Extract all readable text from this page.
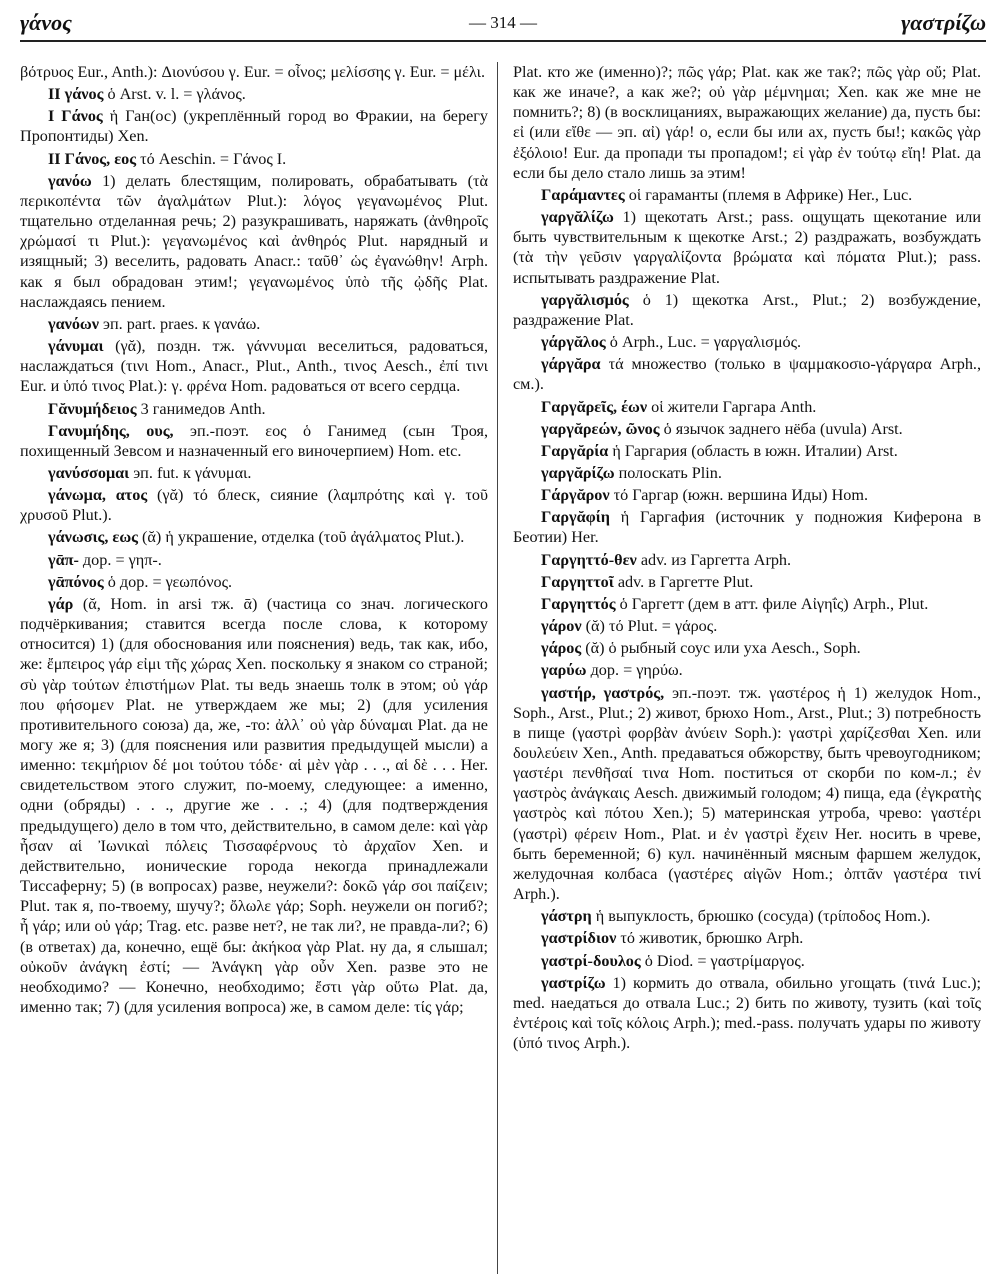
γάνος	— 314 —	γαστρίζω

βότρυος Eur., Anth.): Διονύσου γ. Eur. = οἶνος; μελίσσης γ. Eur. = μέλι.

II γάνος ὁ Arst. v. l. = γλάνος.

I Γάνος ἡ Ган(ос) (укреплённый город во Фракии, на берегу Пропонтиды) Xen.

II Γάνος, εος τό Aeschin. = Γάνος I.

γανόω 1) делать блестящим, полировать, обрабатывать (τὰ περικοπέντα τῶν ἀγαλμάτων Plut.): λόγος γεγανωμένος Plut. тщательно отделанная речь; 2) разукрашивать, наряжать (ἀνθηροῖς χρώμασί τι Plut.): γεγανωμένος καὶ ἀνθηρός Plut. нарядный и изящный; 3) веселить, радовать Anacr.: ταῦθ᾽ ὡς ἐγανώθην! Arph. как я был обрадован этим!; γεγανωμένος ὑπὸ τῆς ᾠδῆς Plat. наслаждаясь пением.

γανόων эп. part. praes. к γανάω.

γάνυμαι (γᾰ), поздн. тж. γάννυμαι веселиться, радоваться, наслаждаться (τινι Hom., Anacr., Plut., Anth., τινος Aesch., ἐπί τινι Eur. и ὑπό τινος Plat.): γ. φρένα Hom. радоваться от всего сердца.

Γᾰνυμήδειος 3 ганимедов Anth.

Γανυμήδης, ους, эп.-поэт. εος ὁ Ганимед (сын Троя, похищенный Зевсом и назначенный его виночерпием) Hom. etc.

γανύσσομαι эп. fut. к γάνυμαι.

γάνωμα, ατος (γᾰ) τό блеск, сияние (λαμπρότης καὶ γ. τοῦ χρυσοῦ Plut.).

γάνωσις, εως (ᾰ) ἡ украшение, отделка (τοῦ ἀγάλματος Plut.).

γᾱπ- дор. = γηπ-.

γᾱπόνος ὁ дор. = γεωπόνος.

γάρ (ᾰ, Hom. in arsi тж. ᾱ) (частица со знач. логического подчёркивания; ставится всегда после слова, к которому относится) 1) (для обоснования или пояснения) ведь, так как, ибо, же: ἔμπειρος γάρ εἰμι τῆς χώρας Xen. поскольку я знаком со страной; σὺ γὰρ τούτων ἐπιστήμων Plat. ты ведь знаешь толк в этом; οὐ γάρ που φήσομεν Plat. не утверждаем же мы; 2) (для усиления противительного союза) да, же, -то: ἀλλ᾽ οὐ γὰρ δύναμαι Plat. да не могу же я; 3) (для пояснения или развития предыдущей мысли) а именно: τεκμήριον δέ μοι τούτου τόδε· αἱ μὲν γὰρ . . ., αἱ δὲ . . . Her. свидетельством этого служит, по-моему, следующее: а именно, одни (обряды) . . ., другие же . . .; 4) (для подтверждения предыдущего) дело в том что, действительно, в самом деле: καὶ γὰρ ἦσαν αἱ Ἰωνικαὶ πόλεις Τισσαφέρνους τὸ ἀρχαῖον Xen. и действительно, ионические города некогда принадлежали Тиссаферну; 5) (в вопросах) разве, неужели?: δοκῶ γάρ σοι παίζειν; Plut. так я, по-твоему, шучу?; ὄλωλε γάρ; Soph. неужели он погиб?; ἦ γάρ; или οὐ γάρ; Trag. etc. разве нет?, не так ли?, не правда-ли?; 6) (в ответах) да, конечно, ещё бы: ἀκήκοα γὰρ Plat. ну да, я слышал; οὐκοῦν ἀνάγκη ἐστί; — Ἀνάγκη γὰρ οὖν Xen. разве это не необходимо? — Конечно, необходимо; ἔστι γὰρ οὕτω Plat. да, именно так; 7) (для усиления вопроса) же, в самом деле: τίς γάρ;

Plat. кто же (именно)?; πῶς γάρ; Plat. как же так?; πῶς γὰρ οὔ; Plat. как же иначе?, а как же?; οὐ γὰρ μέμνημαι; Xen. как же мне не помнить?; 8) (в восклицаниях, выражающих желание) да, пусть бы: εἰ (или εἴθε — эп. αἰ) γάρ! о, если бы или ах, пусть бы!; κακῶς γὰρ ἐξόλοιο! Eur. да пропади ты пропадом!; εἰ γὰρ ἐν τούτῳ εἴη! Plat. да если бы дело стало лишь за этим!

Γαράμαντες οἱ гараманты (племя в Африке) Her., Luc.

γαργᾰλίζω 1) щекотать Arst.; pass. ощущать щекотание или быть чувствительным к щекотке Arst.; 2) раздражать, возбуждать (τὰ τὴν γεῦσιν γαργαλίζοντα βρώματα καὶ πόματα Plut.); pass. испытывать раздражение Plat.

γαργᾰλισμός ὁ 1) щекотка Arst., Plut.; 2) возбуждение, раздражение Plat.

γάργᾰλος ὁ Arph., Luc. = γαργαλισμός.

γάργᾰρα τά множество (только в ψαμμακοσιο-γάργαρα Arph., см.).

Γαργᾰρεῖς, έων οἱ жители Гаргара Anth.

γαργᾰρεών, ῶνος ὁ язычок заднего нёба (uvula) Arst.

Γαργᾰρία ἡ Гаргария (область в южн. Италии) Arst.

γαργᾰρίζω полоскать Plin.

Γάργᾰρον τό Гаргар (южн. вершина Иды) Hom.

Γαργᾰφίη ἡ Гаргафия (источник у подножия Киферона в Беотии) Her.

Γαργηττό-θεν adv. из Гаргетта Arph.

Γαργηττοῖ adv. в Гаргетте Plut.

Γαργηττός ὁ Гаргетт (дем в атт. филе Αἰγηΐς) Arph., Plut.

γάρον (ᾰ) τό Plut. = γάρος.

γάρος (ᾰ) ὁ рыбный соус или уха Aesch., Soph.

γαρύω дор. = γηρύω.

γαστήρ, γαστρός, эп.-поэт. тж. γαστέρος ἡ 1) желудок Hom., Soph., Arst., Plut.; 2) живот, брюхо Hom., Arst., Plut.; 3) потребность в пище (γαστρὶ φορβὰν ἀνύειν Soph.): γαστρὶ χαρίζεσθαι Xen. или δουλεύειν Xen., Anth. предаваться обжорству, быть чревоугодником; γαστέρι πενθῆσαί τινα Hom. поститься от скорби по ком-л.; ἐν γαστρὸς ἀνάγκαις Aesch. движимый голодом; 4) пища, еда (ἐγκρατὴς γαστρὸς καὶ πότου Xen.); 5) материнская утроба, чрево: γαστέρι (γαστρὶ) φέρειν Hom., Plat. и ἐν γαστρὶ ἔχειν Her. носить в чреве, быть беременной; 6) кул. начинённый мясным фаршем желудок, желудочная колбаса (γαστέρες αἰγῶν Hom.; ὀπτᾶν γαστέρα τινί Arph.).

γάστρη ἡ выпуклость, брюшко (сосуда) (τρίποδος Hom.).

γαστρίδιον τό животик, брюшко Arph.

γαστρί-δουλος ὁ Diod. = γαστρίμαργος.

γαστρίζω 1) кормить до отвала, обильно угощать (τινά Luc.); med. наедаться до отвала Luc.; 2) бить по животу, тузить (καὶ τοῖς ἐντέροις καὶ τοῖς κόλοις Arph.); med.-pass. получать удары по животу (ὑπό τινος Arph.).
